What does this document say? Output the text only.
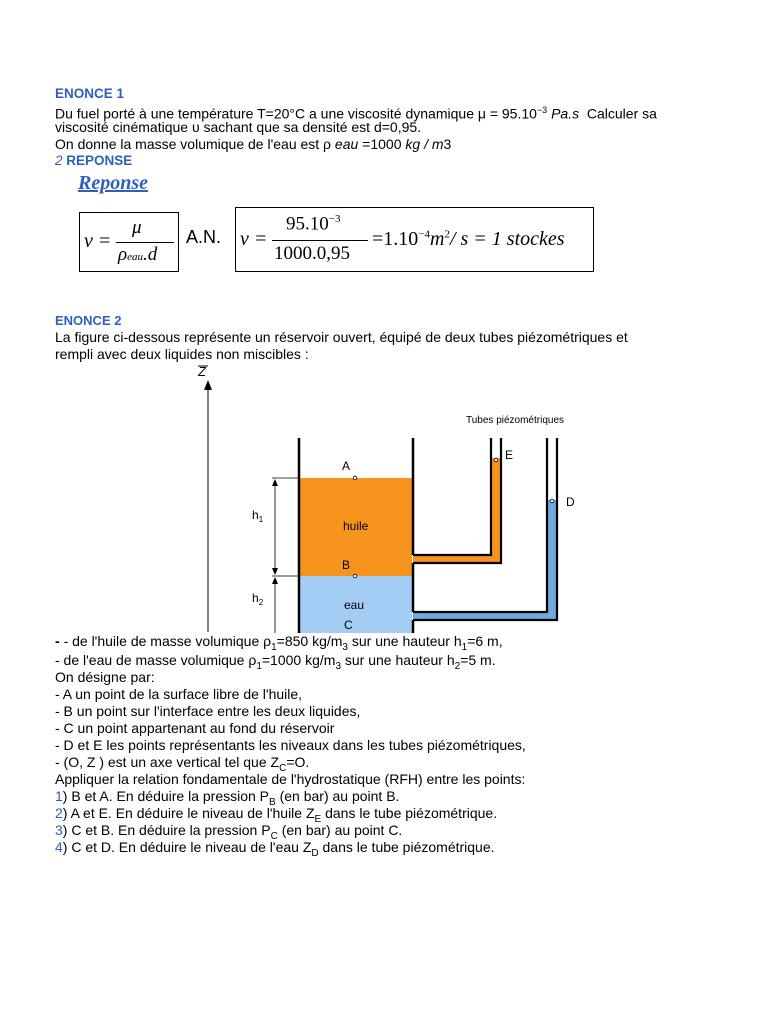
ENONCE 1
Du fuel porté à une température T=20°C a une viscosité dynamique $\mu = 95.10^{-3}$ Pa.s Calculer sa
viscosité cinématique υ sachant que sa densité est d=0,95.
On donne la masse volumique de l'eau est ρ eau =1000 kg / m3
2 REPONSE
Reponse
ν =
μ
ρeau.d
A.N. ν =
$95.10^{-3}$
1000.0,95
$=1.10^{-4}m^2/$ s = 1 stockes
ENONCE 2
La figure ci-dessous représente un réservoir ouvert, équipé de deux tubes piézométriques et
rempli avec deux liquides non miscibles :
Z
$h_1$
$h_2$
A
B
C
E
D
huile
eau
Tubes piézométriques
- - de l'huile de masse volumique $\rho_1=850$ $kg/m_3$ sur une hauteur $h_1=6$ m,
- de l'eau de masse volumique $\rho_1=1000$ $kg/m_3$ sur une hauteur $h_2=5$ m.
On désigne par:
- A un point de la surface libre de l'huile,
- B un point sur l'interface entre les deux liquides,
- C un point appartenant au fond du réservoir
- D et E les points représentants les niveaux dans les tubes piézométriques,
- (O, Z ) est un axe vertical tel que $Z_C=O$.
Appliquer la relation fondamentale de l'hydrostatique (RFH) entre les points:
1) B et A. En déduire la pression $P_B$ (en bar) au point B.
2) A et E. En déduire le niveau de l'huile $Z_E$ dans le tube piézométrique.
3) C et B. En déduire la pression $P_C$ (en bar) au point C.
4) C et D. En déduire le niveau de l'eau $Z_D$ dans le tube piézométrique.
